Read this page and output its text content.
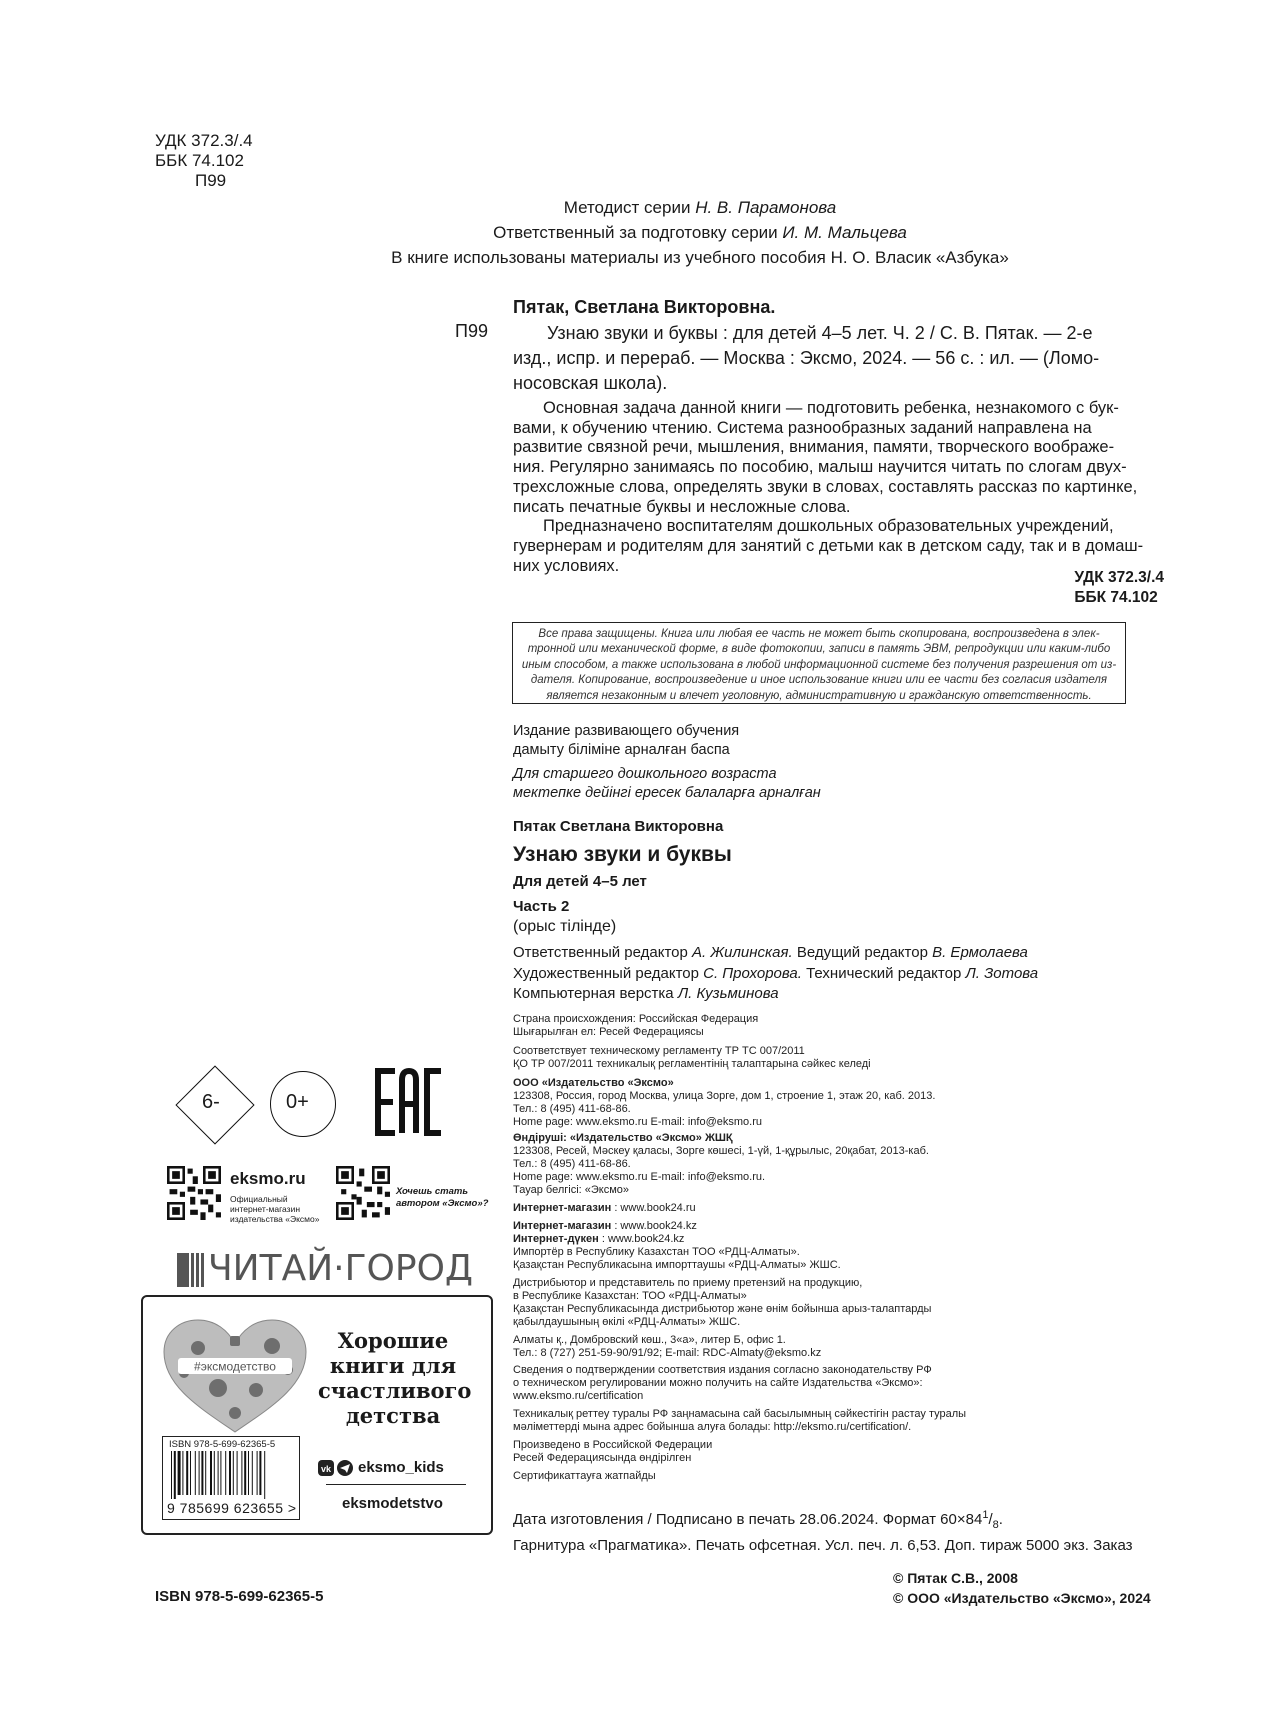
УДК 372.3/.4
ББК 74.102
П99
Методист серии Н. В. Парамонова
Ответственный за подготовку серии И. М. Мальцева
В книге использованы материалы из учебного пособия Н. О. Власик «Азбука»
Пятак, Светлана Викторовна.
П99	Узнаю звуки и буквы : для детей 4–5 лет. Ч. 2 / С. В. Пятак. — 2-е
изд., испр. и перераб. — Москва : Эксмо, 2024. — 56 с. : ил. — (Ломо-
носовская школа).
Основная задача данной книги — подготовить ребенка, незнакомого с бук-
вами, к обучению чтению. Система разнообразных заданий направлена на
развитие связной речи, мышления, внимания, памяти, творческого воображе-
ния. Регулярно занимаясь по пособию, малыш научится читать по слогам двух-
трехсложные слова, определять звуки в словах, составлять рассказ по картинке,
писать печатные буквы и несложные слова.
Предназначено воспитателям дошкольных образовательных учреждений,
гувернерам и родителям для занятий с детьми как в детском саду, так и в домаш-
них условиях.
УДК 372.3/.4
ББК 74.102
Все права защищены. Книга или любая ее часть не может быть скопирована, воспроизведена в элек-
тронной или механической форме, в виде фотокопии, записи в память ЭВМ, репродукции или каким-либо
иным способом, а также использована в любой информационной системе без получения разрешения от из-
дателя. Копирование, воспроизведение и иное использование книги или ее части без согласия издателя
является незаконным и влечет уголовную, административную и гражданскую ответственность.
Издание развивающего обучения
дамыту біліміне арналған баспа
Для старшего дошкольного возраста
мектепке дейінгі ересек балаларға арналған
Пятак Светлана Викторовна
Узнаю звуки и буквы
Для детей 4–5 лет
Часть 2
(орыс тілінде)
Ответственный редактор А. Жилинская. Ведущий редактор В. Ермолаева
Художественный редактор С. Прохорова. Технический редактор Л. Зотова
Компьютерная верстка Л. Кузьминова
Страна происхождения: Российская Федерация
Шығарылған ел: Ресей Федерациясы
Соответствует техническому регламенту ТР ТС 007/2011
ҚО ТР 007/2011 техникалық регламентінің талаптарына сәйкес келеді
ООО «Издательство «Эксмо»
123308, Россия, город Москва, улица Зорге, дом 1, строение 1, этаж 20, каб. 2013.
Тел.: 8 (495) 411-68-86.
Home page: www.eksmo.ru E-mail: info@eksmo.ru
Өндіруші: «Издательство «Эксмо» ЖШҚ
123308, Ресей, Мәскеу қаласы, Зорге көшесі, 1-үй, 1-құрылыс, 20қабат, 2013-каб.
Тел.: 8 (495) 411-68-86.
Home page: www.eksmo.ru E-mail: info@eksmo.ru.
Тауар белгісі: «Эксмо»
Интернет-магазин : www.book24.ru
Интернет-магазин : www.book24.kz
Интернет-дүкен : www.book24.kz
Импортёр в Республику Казахстан ТОО «РДЦ-Алматы».
Қазақстан Республикасына импорттаушы «РДЦ-Алматы» ЖШС.
Дистрибьютор и представитель по приему претензий на продукцию,
в Республике Казахстан: ТОО «РДЦ-Алматы»
Қазақстан Республикасында дистрибьютор және өнім бойынша арыз-талаптарды
қабылдаушының өкілі «РДЦ-Алматы» ЖШС.
Алматы қ., Домбровский көш., 3«а», литер Б, офис 1.
Тел.: 8 (727) 251-59-90/91/92; E-mail: RDC-Almaty@eksmo.kz
Сведения о подтверждении соответствия издания согласно законодательству РФ
о техническом регулировании можно получить на сайте Издательства «Эксмо»:
www.eksmo.ru/certification
Техникалық реттеу туралы РФ заңнамасына сай басылымның сәйкестігін растау туралы
мәліметтерді мына адрес бойынша алуға болады: http://eksmo.ru/certification/.
Произведено в Российской Федерации
Ресей Федерациясында өндірілген
Сертификаттауға жатпайды
Дата изготовления / Подписано в печать 28.06.2024. Формат $60\times 84^1/_8$.
Гарнитура «Прагматика». Печать офсетная. Усл. печ. л. 6,53. Доп. тираж 5000 экз. Заказ
6-	0+
eksmo.ru
Официальный
интернет-магазин
издательства «Эксмо»
Хочешь стать
автором «Эксмо»?
ЧИТАЙ·ГОРОД
#эксмодетство
Хорошие книги для счастливого детства
ISBN 978-5-699-62365-5
9 785699 623655 >
vk eksmo_kids
eksmodetstvo
ISBN 978-5-699-62365-5
© Пятак С.В., 2008
© ООО «Издательство «Эксмо», 2024
